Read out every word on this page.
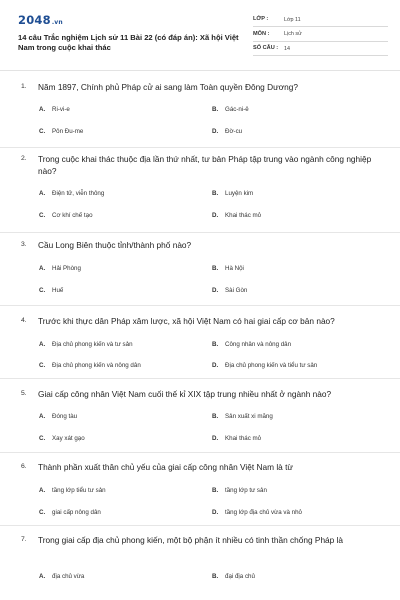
2048.vn
14 câu Trắc nghiệm Lịch sử 11 Bài 22 (có đáp án): Xã hội Việt Nam trong cuộc khai thác
LỚP :	Lớp 11
MÔN :	Lịch sử
SỐ CÂU : 14
1. Năm 1897, Chính phủ Pháp cử ai sang làm Toàn quyền Đông Dương?
A. Ri-vi-e	B. Gác-ni-ê
C. Pôn Đu-me	D. Đờ-cu
2. Trong cuộc khai thác thuộc địa lần thứ nhất, tư bản Pháp tập trung vào ngành công nghiệp nào?
A. Điện tử, viễn thông	B. Luyện kim
C. Cơ khí chế tạo	D. Khai thác mỏ
3. Cầu Long Biên thuộc tỉnh/thành phố nào?
A. Hải Phòng	B. Hà Nội
C. Huế	D. Sài Gòn
4. Trước khi thực dân Pháp xâm lược, xã hội Việt Nam có hai giai cấp cơ bản nào?
A. Địa chủ phong kiến và tư sản	B. Công nhân và nông dân
C. Địa chủ phong kiến và nông dân	D. Địa chủ phong kiến và tiểu tư sản
5. Giai cấp công nhân Việt Nam cuối thế kỉ XIX tập trung nhiều nhất ở ngành nào?
A. Đóng tàu	B. Sản xuất xi măng
C. Xay xát gạo	D. Khai thác mỏ
6. Thành phần xuất thân chủ yếu của giai cấp công nhân Việt Nam là từ
A. tầng lớp tiểu tư sản	B. tầng lớp tư sản
C. giai cấp nông dân	D. tầng lớp địa chủ vừa và nhỏ
7. Trong giai cấp địa chủ phong kiến, một bộ phận ít nhiều có tinh thần chống Pháp là
A. địa chủ vừa	B. đại địa chủ
